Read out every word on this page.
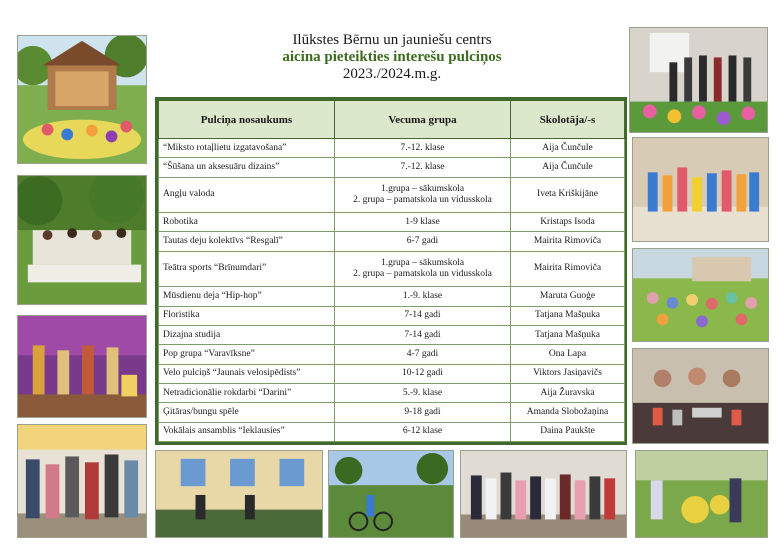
Ilūkstes Bērnu un jauniešu centrs
aicina pieteikties interešu pulciņos
2023./2024.m.g.
Pulciņa nosaukums	Vecuma grupa	Skolotāja/-s
“Miksto rotaļlietu izgatavošana”	7.-12. klase	Aija Čunčule
“Šūšana un aksesuāru dizains”	7.-12. klase	Aija Čunčule
Angļu valoda	1.grupa – sākumskola
2. grupa – pamatskola un vidusskola	Iveta Kriškijāne
Robotika	1-9 klase	Kristaps Isoda
Tautas deju kolektīvs “Resgalī”	6-7 gadi	Mairita Rimoviča
Teātra sports “Brīnumdari”	1.grupa – sākumskola
2. grupa – pamatskola un vidusskola	Mairita Rimoviča
Mūsdienu deja “Hip-hop”	1.-9. klase	Maruta Guoģe
Floristika	7-14 gadi	Tatjana Mašņuka
Dizajna studija	7-14 gadi	Tatjana Mašņuka
Pop grupa “Varavīksne”	4-7 gadi	Ona Lapa
Velo pulciņš “Jaunais velosipēdists”	10-12 gadi	Viktors Jasiņavičs
Netradicionālie rokdarbi “Darini”	5.-9. klase	Aija Žuravska
Ģitāras/bungu spēle	9-18 gadi	Amanda Slobožaņina
Vokālais ansamblis “Ieklausies”	6-12 klase	Daina Paukšte
